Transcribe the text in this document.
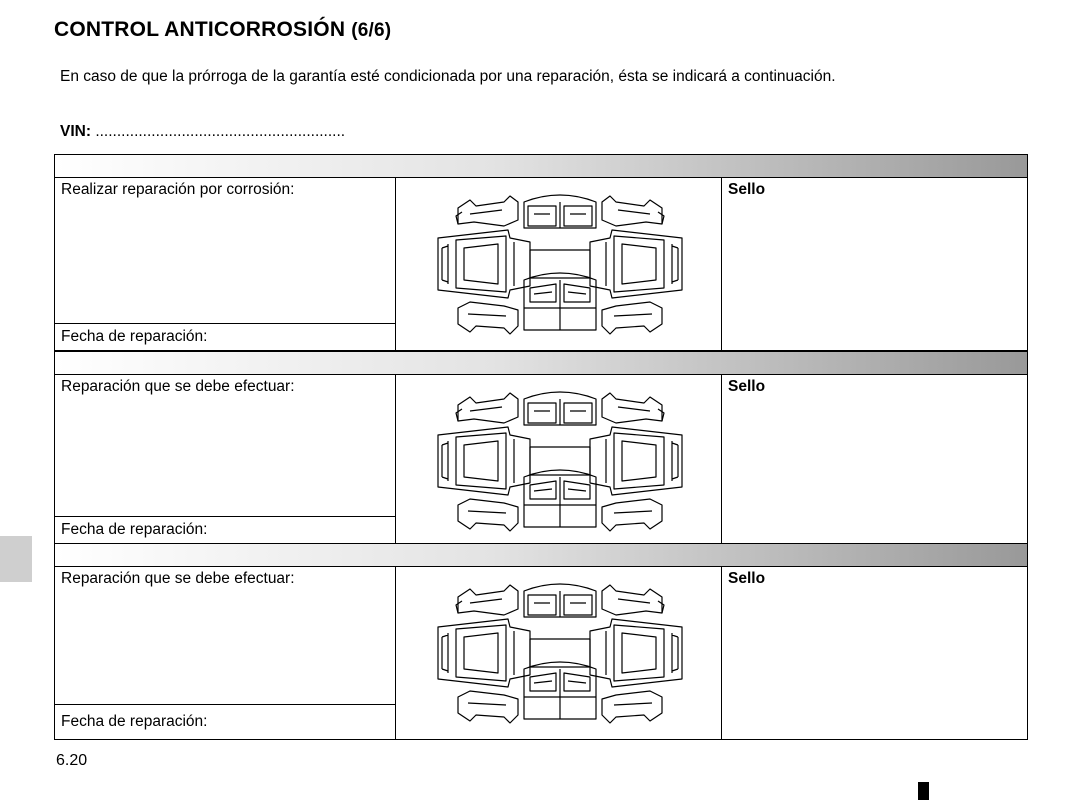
CONTROL ANTICORROSIÓN (6/6)
En caso de que la prórroga de la garantía esté condicionada por una reparación, ésta se indicará a continuación.
VIN: ..........................................................
Realizar reparación por corrosión:
Fecha de reparación:
Sello
Reparación que se debe efectuar:
Fecha de reparación:
Sello
Reparación que se debe efectuar:
Fecha de reparación:
Sello
6.20
